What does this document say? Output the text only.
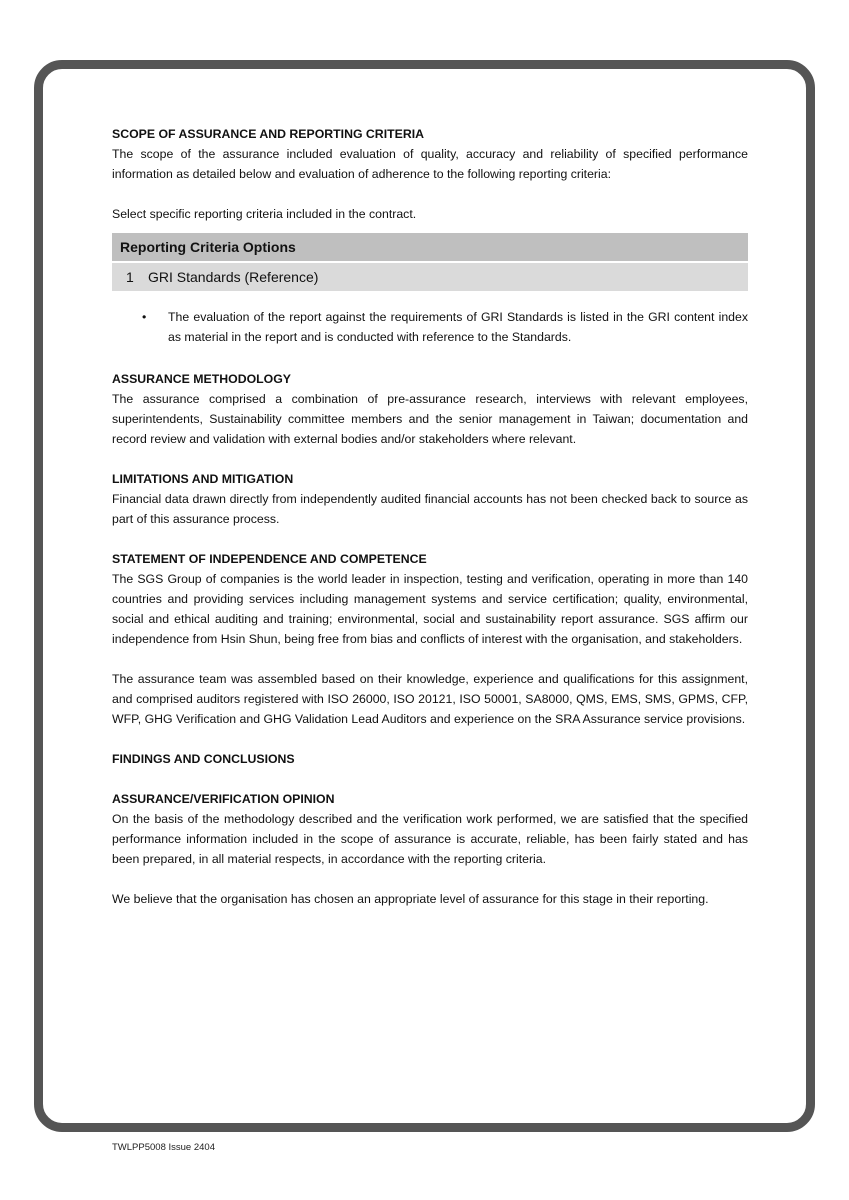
SCOPE OF ASSURANCE AND REPORTING CRITERIA

The scope of the assurance included evaluation of quality, accuracy and reliability of specified performance information as detailed below and evaluation of adherence to the following reporting criteria:

Select specific reporting criteria included in the contract.

Reporting Criteria Options
1	GRI Standards (Reference)
•	The evaluation of the report against the requirements of GRI Standards is listed in the GRI content index as material in the report and is conducted with reference to the Standards.

ASSURANCE METHODOLOGY

The assurance comprised a combination of pre-assurance research, interviews with relevant employees, superintendents, Sustainability committee members and the senior management in Taiwan; documentation and record review and validation with external bodies and/or stakeholders where relevant.

LIMITATIONS AND MITIGATION

Financial data drawn directly from independently audited financial accounts has not been checked back to source as part of this assurance process.

STATEMENT OF INDEPENDENCE AND COMPETENCE

The SGS Group of companies is the world leader in inspection, testing and verification, operating in more than 140 countries and providing services including management systems and service certification; quality, environmental, social and ethical auditing and training; environmental, social and sustainability report assurance. SGS affirm our independence from Hsin Shun, being free from bias and conflicts of interest with the organisation, and stakeholders.

The assurance team was assembled based on their knowledge, experience and qualifications for this assignment, and comprised auditors registered with ISO 26000, ISO 20121, ISO 50001, SA8000, QMS, EMS, SMS, GPMS, CFP, WFP, GHG Verification and GHG Validation Lead Auditors and experience on the SRA Assurance service provisions.

FINDINGS AND CONCLUSIONS
ASSURANCE/VERIFICATION OPINION

On the basis of the methodology described and the verification work performed, we are satisfied that the specified performance information included in the scope of assurance is accurate, reliable, has been fairly stated and has been prepared, in all material respects, in accordance with the reporting criteria.

We believe that the organisation has chosen an appropriate level of assurance for this stage in their reporting.

TWLPP5008 Issue 2404
